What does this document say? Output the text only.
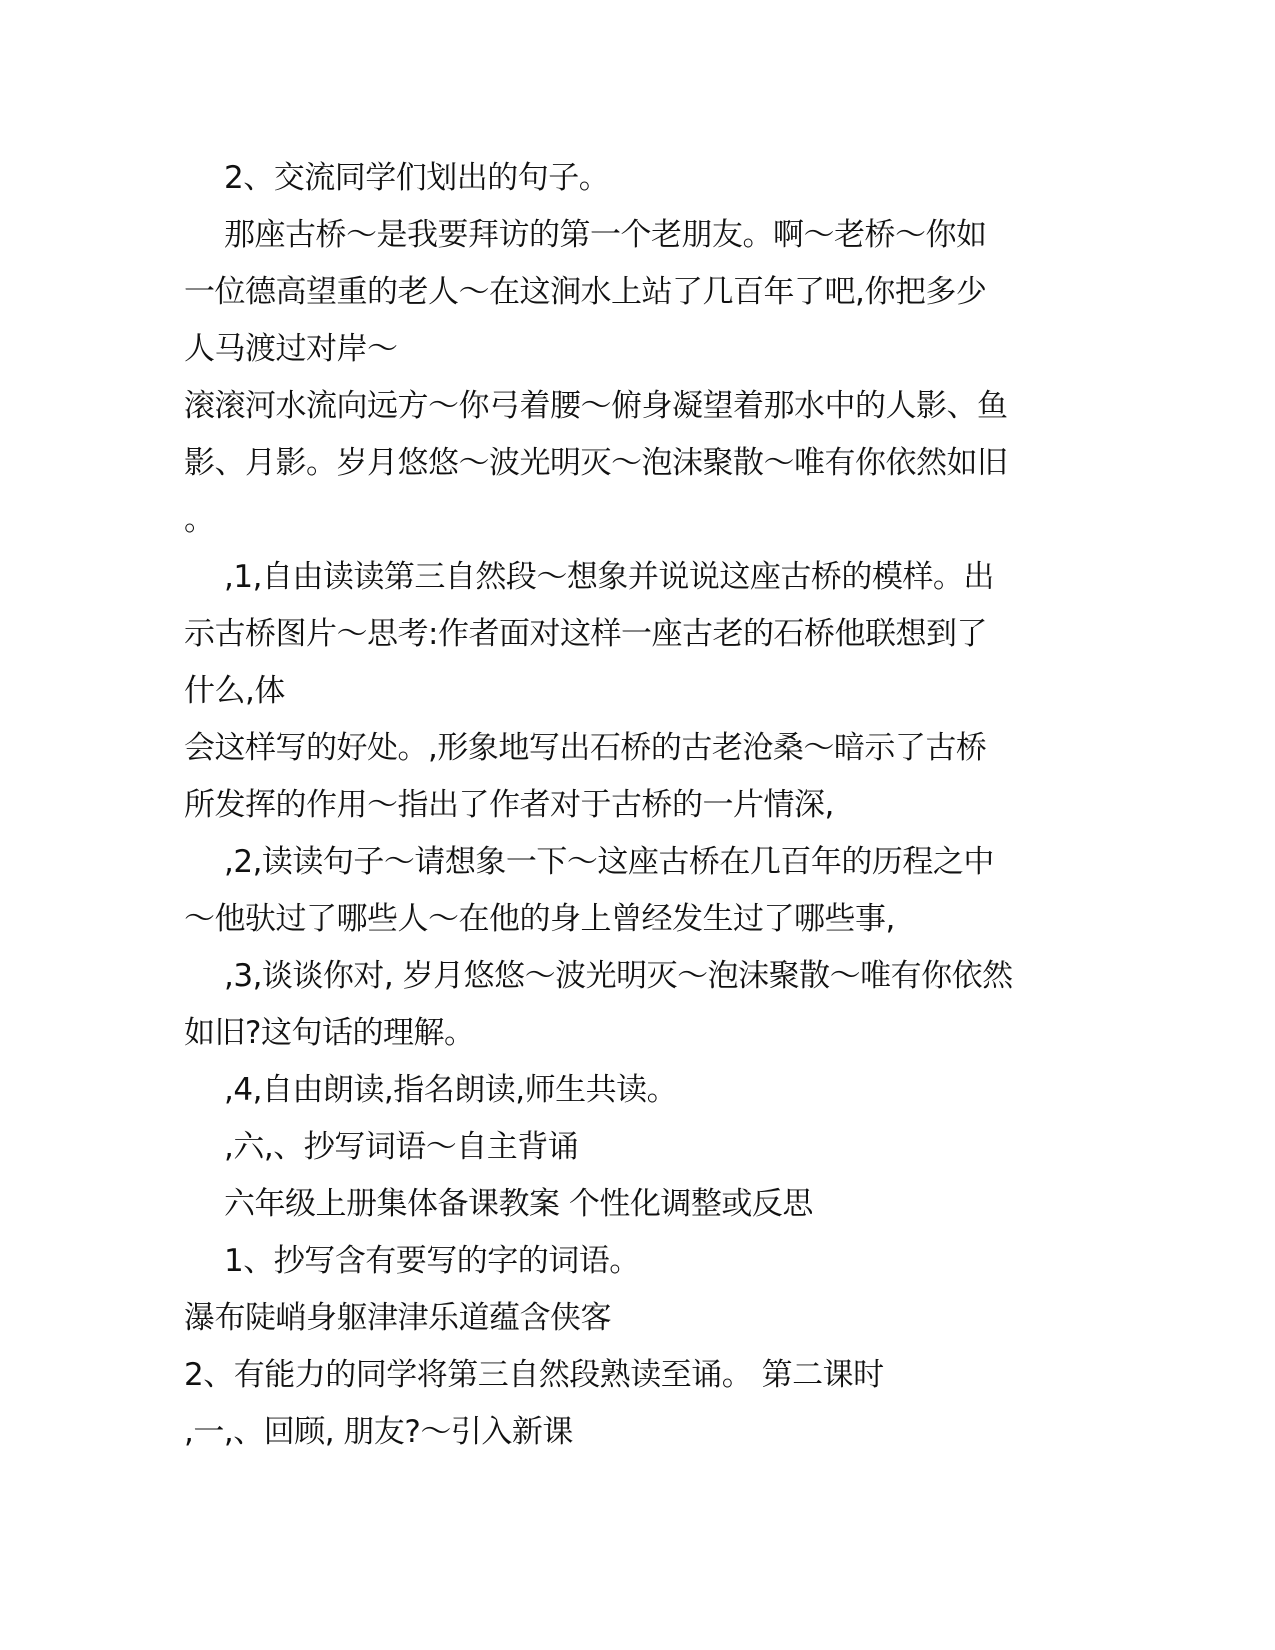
2、交流同学们划出的句子。
那座古桥～是我要拜访的第一个老朋友。啊～老桥～你如
一位德高望重的老人～在这涧水上站了几百年了吧,你把多少
人马渡过对岸～
滚滚河水流向远方～你弓着腰～俯身凝望着那水中的人影、鱼
影、月影。岁月悠悠～波光明灭～泡沫聚散～唯有你依然如旧
。
,1,自由读读第三自然段～想象并说说这座古桥的模样。出
示古桥图片～思考:作者面对这样一座古老的石桥他联想到了
什么,体
会这样写的好处。,形象地写出石桥的古老沧桑～暗示了古桥
所发挥的作用～指出了作者对于古桥的一片情深,
,2,读读句子～请想象一下～这座古桥在几百年的历程之中
～他驮过了哪些人～在他的身上曾经发生过了哪些事,
,3,谈谈你对, 岁月悠悠～波光明灭～泡沫聚散～唯有你依然
如旧?这句话的理解。
,4,自由朗读,指名朗读,师生共读。
,六,、抄写词语～自主背诵
六年级上册集体备课教案 个性化调整或反思
1、抄写含有要写的字的词语。
瀑布陡峭身躯津津乐道蕴含侠客
2、有能力的同学将第三自然段熟读至诵。 第二课时
,一,、回顾, 朋友?～引入新课
